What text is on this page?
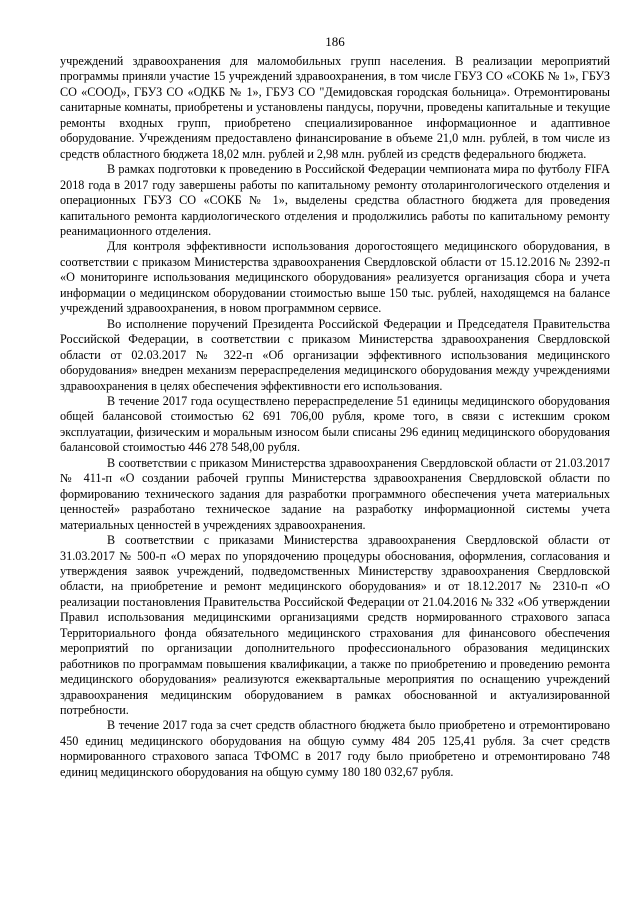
186

учреждений здравоохранения для маломобильных групп населения. В реализации мероприятий программы приняли участие 15 учреждений здравоохранения, в том числе ГБУЗ СО «СОКБ № 1», ГБУЗ СО «СООД», ГБУЗ СО «ОДКБ № 1», ГБУЗ СО "Демидовская городская больница». Отремонтированы санитарные комнаты, приобретены и установлены пандусы, поручни, проведены капитальные и текущие ремонты входных групп, приобретено специализированное информационное и адаптивное оборудование. Учреждениям предоставлено финансирование в объеме 21,0 млн. рублей, в том числе из средств областного бюджета 18,02 млн. рублей и 2,98 млн. рублей из средств федерального бюджета.

В рамках подготовки к проведению в Российской Федерации чемпионата мира по футболу FIFA 2018 года в 2017 году завершены работы по капитальному ремонту отоларингологического отделения и операционных ГБУЗ СО «СОКБ № 1», выделены средства областного бюджета для проведения капитального ремонта кардиологического отделения и продолжились работы по капитальному ремонту реанимационного отделения.

Для контроля эффективности использования дорогостоящего медицинского оборудования, в соответствии с приказом Министерства здравоохранения Свердловской области от 15.12.2016 № 2392-п «О мониторинге использования медицинского оборудования» реализуется организация сбора и учета информации о медицинском оборудовании стоимостью выше 150 тыс. рублей, находящемся на балансе учреждений здравоохранения, в новом программном сервисе.

Во исполнение поручений Президента Российской Федерации и Председателя Правительства Российской Федерации, в соответствии с приказом Министерства здравоохранения Свердловской области от 02.03.2017 № 322-п «Об организации эффективного использования медицинского оборудования» внедрен механизм перераспределения медицинского оборудования между учреждениями здравоохранения в целях обеспечения эффективности его использования.

В течение 2017 года осуществлено перераспределение 51 единицы медицинского оборудования общей балансовой стоимостью 62 691 706,00 рубля, кроме того, в связи с истекшим сроком эксплуатации, физическим и моральным износом были списаны 296 единиц медицинского оборудования балансовой стоимостью 446 278 548,00 рубля.

В соответствии с приказом Министерства здравоохранения Свердловской области от 21.03.2017 № 411-п «О создании рабочей группы Министерства здравоохранения Свердловской области по формированию технического задания для разработки программного обеспечения учета материальных ценностей» разработано техническое задание на разработку информационной системы учета материальных ценностей в учреждениях здравоохранения.

В соответствии с приказами Министерства здравоохранения Свердловской области от 31.03.2017 № 500-п «О мерах по упорядочению процедуры обоснования, оформления, согласования и утверждения заявок учреждений, подведомственных Министерству здравоохранения Свердловской области, на приобретение и ремонт медицинского оборудования» и от 18.12.2017 № 2310-п «О реализации постановления Правительства Российской Федерации от 21.04.2016 № 332 «Об утверждении Правил использования медицинскими организациями средств нормированного страхового запаса Территориального фонда обязательного медицинского страхования для финансового обеспечения мероприятий по организации дополнительного профессионального образования медицинских работников по программам повышения квалификации, а также по приобретению и проведению ремонта медицинского оборудования» реализуются ежеквартальные мероприятия по оснащению учреждений здравоохранения медицинским оборудованием в рамках обоснованной и актуализированной потребности.

В течение 2017 года за счет средств областного бюджета было приобретено и отремонтировано 450 единиц медицинского оборудования на общую сумму 484 205 125,41 рубля. За счет средств нормированного страхового запаса ТФОМС в 2017 году было приобретено и отремонтировано 748 единиц медицинского оборудования на общую сумму 180 180 032,67 рубля.
